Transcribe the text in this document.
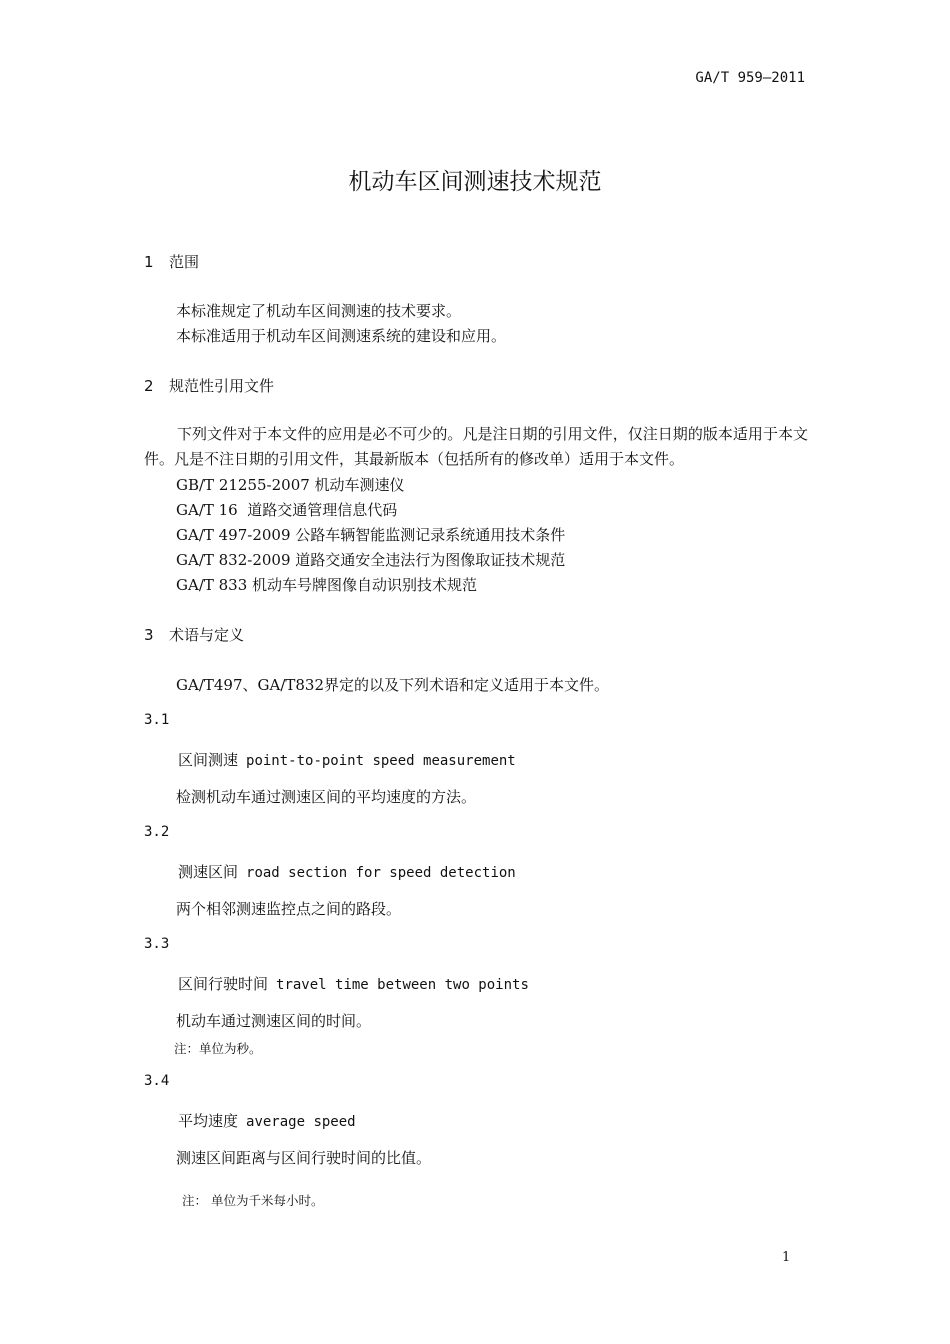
GA/T 959—2011
机动车区间测速技术规范
1 范围
本标准规定了机动车区间测速的技术要求。
本标准适用于机动车区间测速系统的建设和应用。
2 规范性引用文件
下列文件对于本文件的应用是必不可少的。凡是注日期的引用文件，仅注日期的版本适用于本文件。凡是不注日期的引用文件，其最新版本（包括所有的修改单）适用于本文件。
GB/T 21255-2007 机动车测速仪
GA/T 16  道路交通管理信息代码
GA/T 497-2009 公路车辆智能监测记录系统通用技术条件
GA/T 832-2009 道路交通安全违法行为图像取证技术规范
GA/T 833 机动车号牌图像自动识别技术规范
3 术语与定义
GA/T497、GA/T832界定的以及下列术语和定义适用于本文件。
3.1
区间测速 point-to-point speed measurement
检测机动车通过测速区间的平均速度的方法。
3.2
测速区间 road section for speed detection
两个相邻测速监控点之间的路段。
3.3
区间行驶时间 travel time between two points
机动车通过测速区间的时间。
注：单位为秒。
3.4
平均速度 average speed
测速区间距离与区间行驶时间的比值。

注： 单位为千米每小时。

1
